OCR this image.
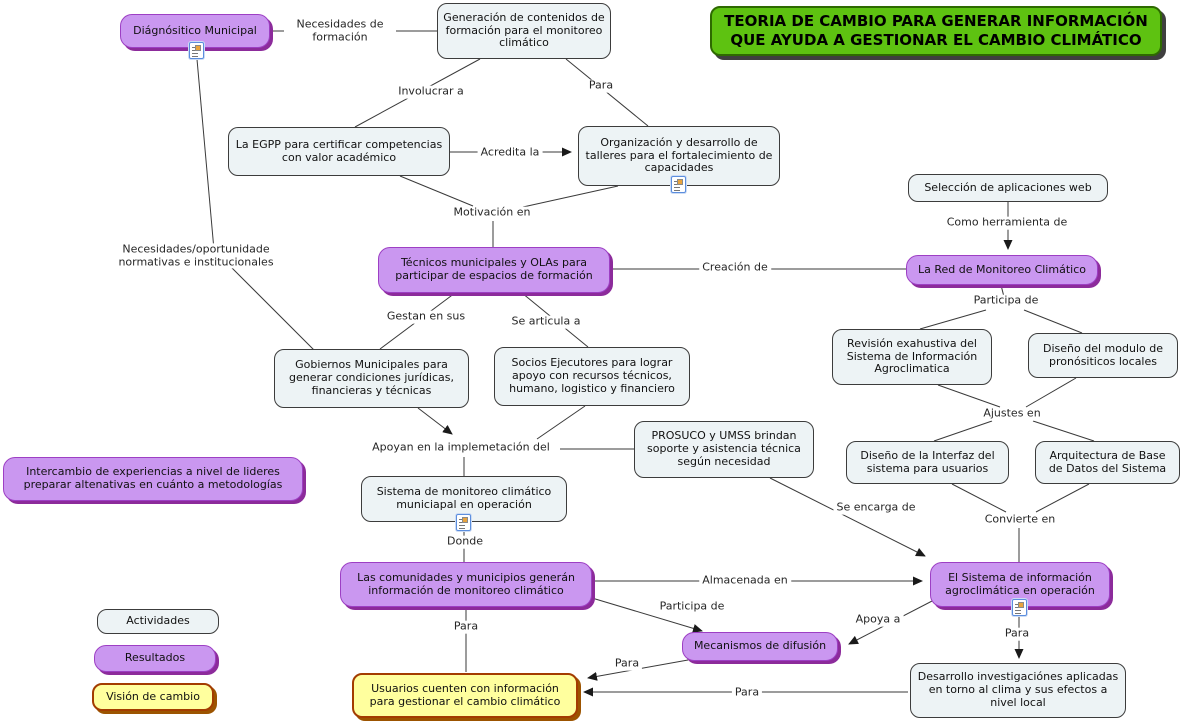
Necesidades de formación
Involucrar a	Para
Acredita la
Motivación en
Necesidades/oportunidade normativas e institucionales
Gestan en sus	Se articula a
Creación de
Como herramienta de
Participa de
Ajustes en
Apoyan en la implemetación del
Se encarga de
Convierte en
Donde
Almacenada en
Participa de
Para
Apoya a
Para
Para
Para
TEORIA DE CAMBIO PARA GENERAR INFORMACIÓN QUE AYUDA A GESTIONAR EL CAMBIO CLIMÁTICO
Diágnósitico Municipal
Generación de contenidos de formación para el monitoreo climático
La EGPP para certificar competencias con valor académico
Organización y desarrollo de talleres para el fortalecimiento de capacidades
Selección de aplicaciones web
La Red de Monitoreo Climático
Técnicos municipales y OLAs para participar de espacios de formación
Revisión exahustiva del Sistema de Información Agroclimatica
Diseño del modulo de pronósiticos locales
Gobiernos Municipales para generar condiciones jurídicas, financieras y técnicas
Socios Ejecutores para lograr apoyo con recursos técnicos, humano, logistico y financiero
PROSUCO y UMSS brindan soporte y asistencia técnica según necesidad	Diseño de la Interfaz del sistema para usuarios
Arquitectura de Base de Datos del Sistema
Intercambio de experiencias a nivel de lideres preparar altenativas en cuánto a metodologías
Sistema de monitoreo climático municiapal en operación
Las comunidades y municipios generán información de monitoreo climático
El Sistema de información agroclimática en operación
Mecanismos de difusión
Usuarios cuenten con información para gestionar el cambio climático
Desarrollo investigaciónes aplicadas en torno al clima y sus efectos a nivel local
Actividades
Resultados
Visión de cambio
